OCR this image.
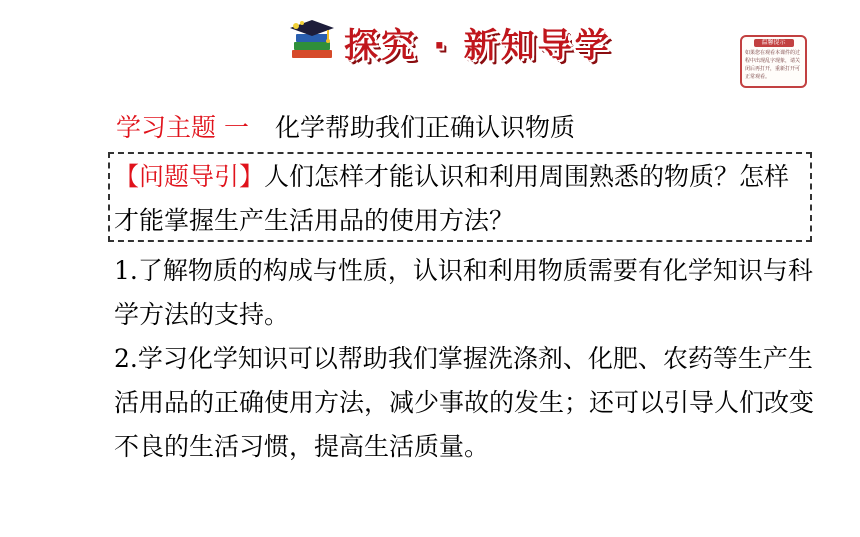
探究 · 新知导学	温馨提示
如果您在观看本课件的过程中出现乱字现象，请关闭后再打开，重新打开可正常观看。
学习主题 一 化学帮助我们正确认识物质
【问题导引】人们怎样才能认识和利用周围熟悉的物质？怎样才能掌握生产生活用品的使用方法？
1.了解物质的构成与性质，认识和利用物质需要有化学知识与科学方法的支持。
2.学习化学知识可以帮助我们掌握洗涤剂、化肥、农药等生产生活用品的正确使用方法，减少事故的发生；还可以引导人们改变不良的生活习惯，提高生活质量。
